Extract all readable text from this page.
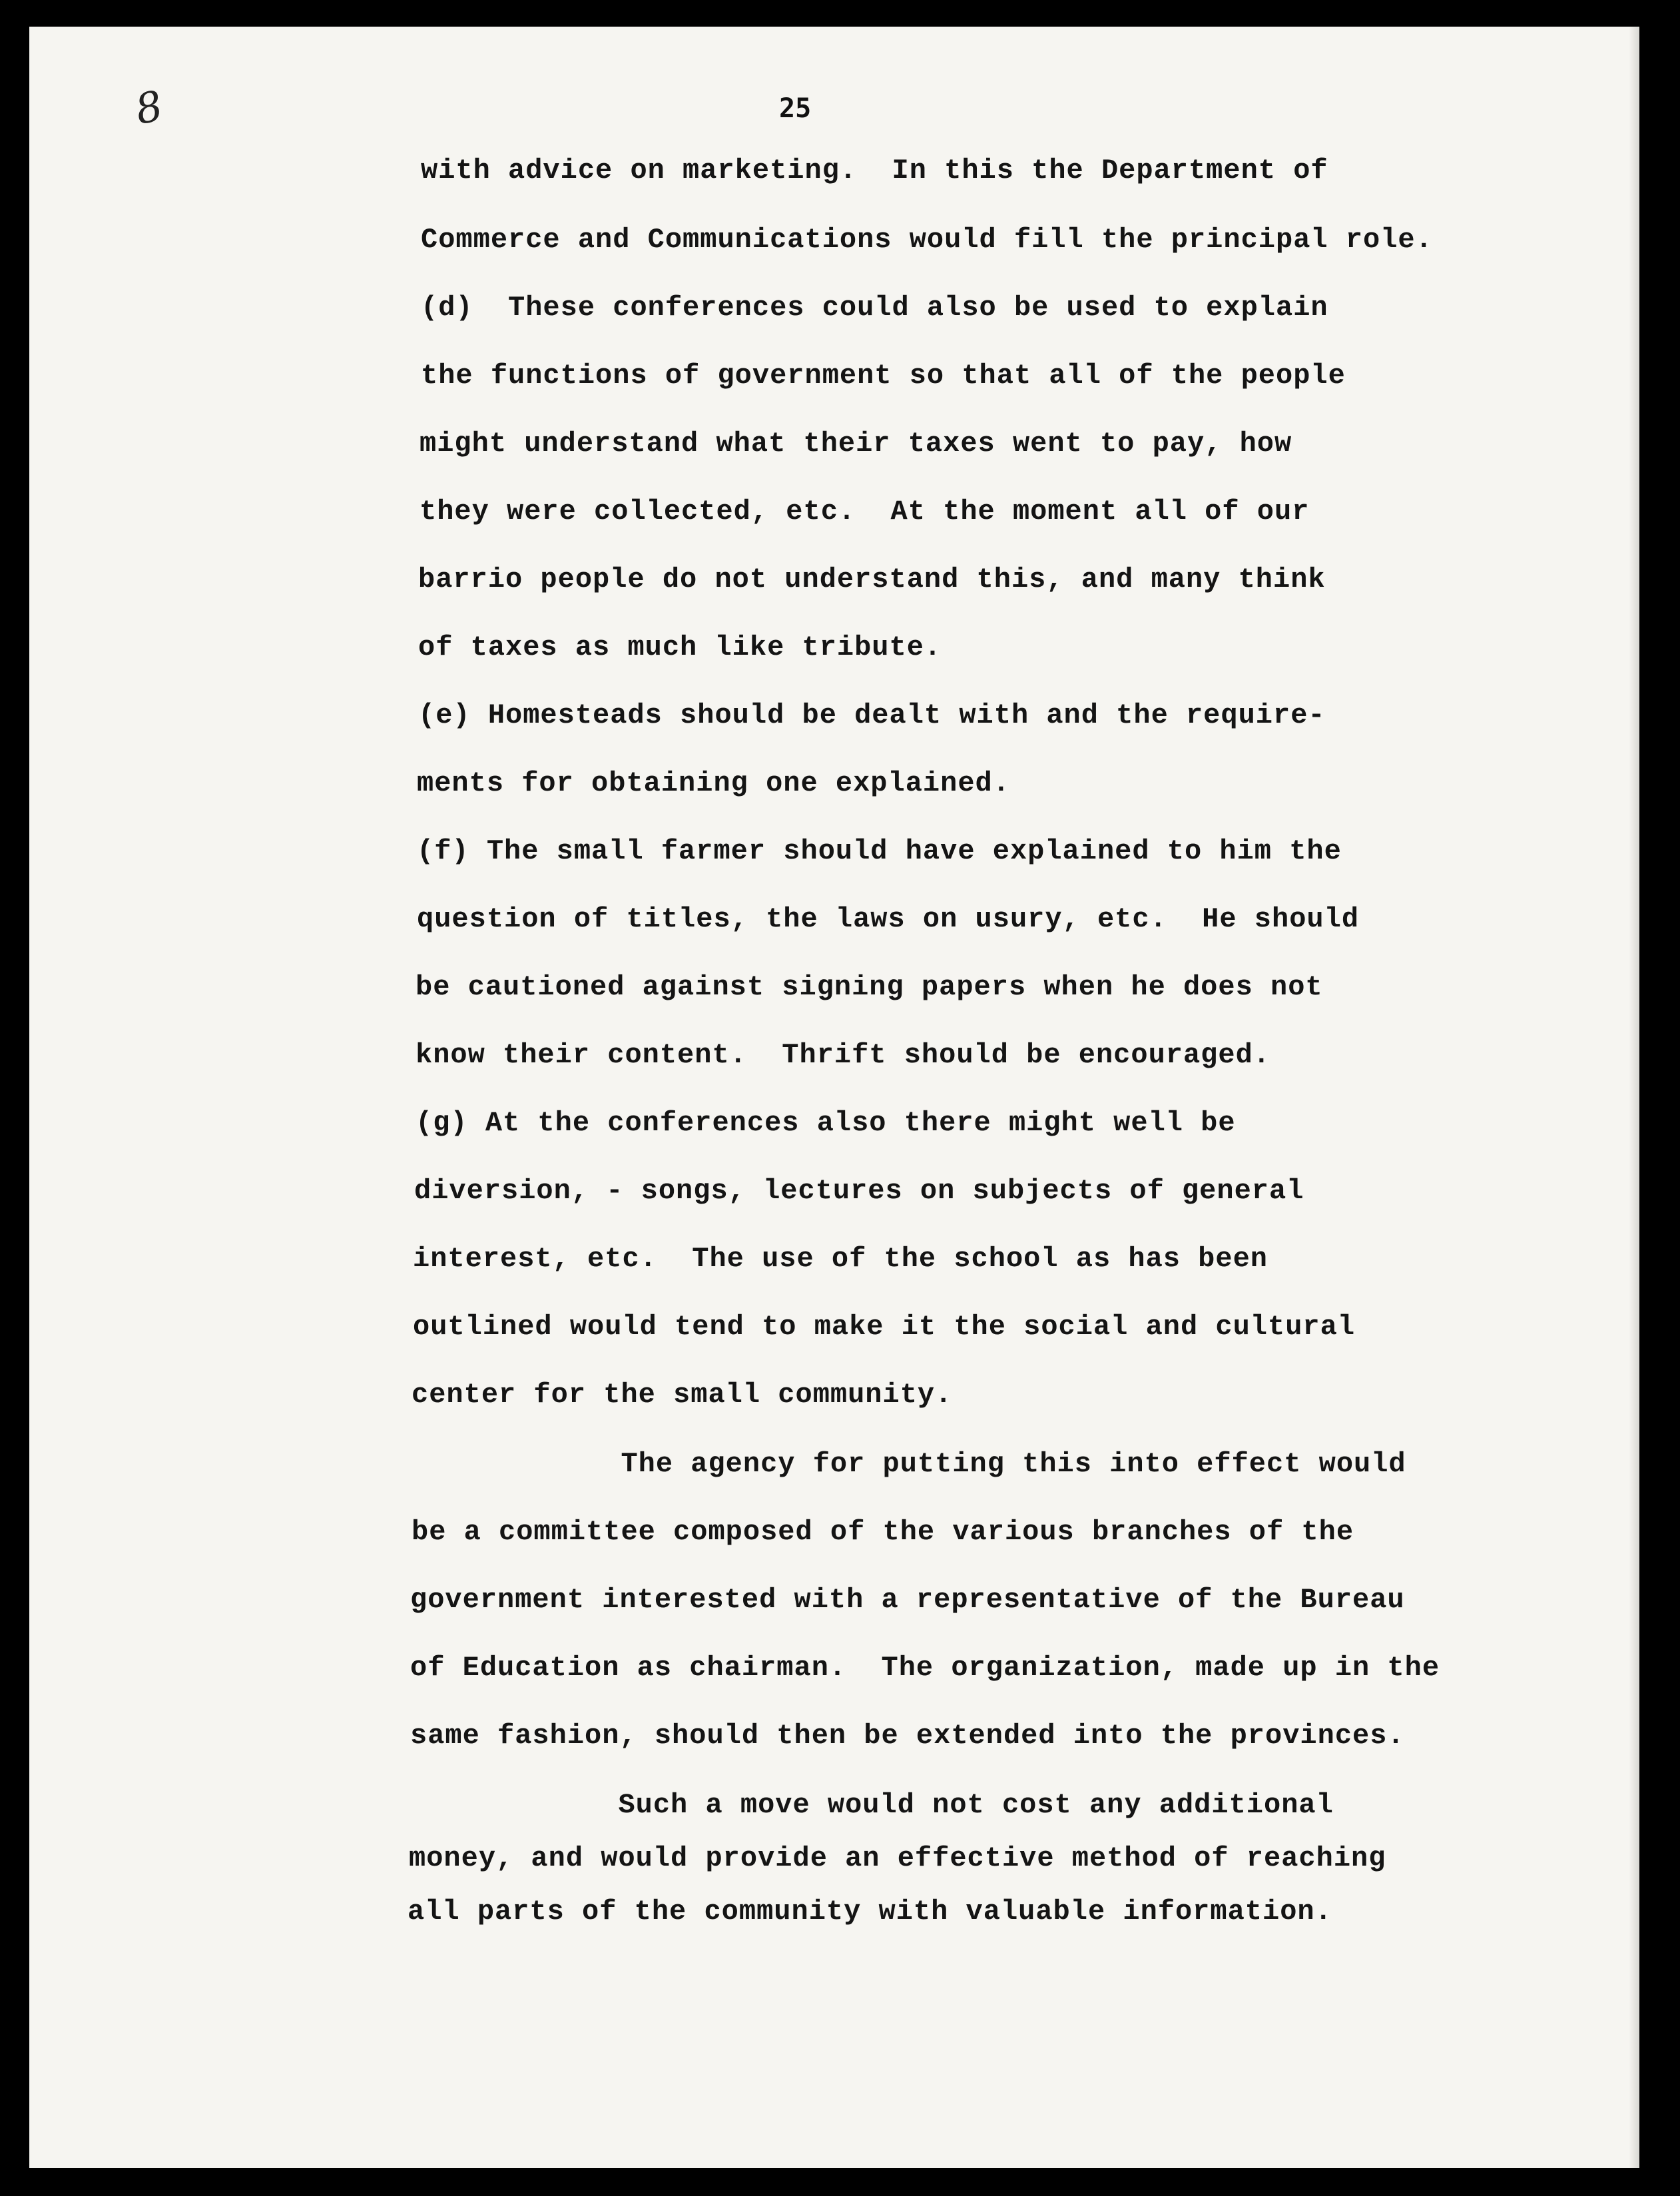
8	25
with advice on marketing.  In this the Department of
Commerce and Communications would fill the principal role.
(d)  These conferences could also be used to explain
the functions of government so that all of the people
might understand what their taxes went to pay, how
they were collected, etc.  At the moment all of our
barrio people do not understand this, and many think
of taxes as much like tribute.
(e) Homesteads should be dealt with and the require-
ments for obtaining one explained.
(f) The small farmer should have explained to him the
question of titles, the laws on usury, etc.  He should
be cautioned against signing papers when he does not
know their content.  Thrift should be encouraged.
(g) At the conferences also there might well be
diversion, - songs, lectures on subjects of general
interest, etc.  The use of the school as has been
outlined would tend to make it the social and cultural
center for the small community.
The agency for putting this into effect would
be a committee composed of the various branches of the
government interested with a representative of the Bureau
of Education as chairman.  The organization, made up in the
same fashion, should then be extended into the provinces.
Such a move would not cost any additional
money, and would provide an effective method of reaching
all parts of the community with valuable information.
